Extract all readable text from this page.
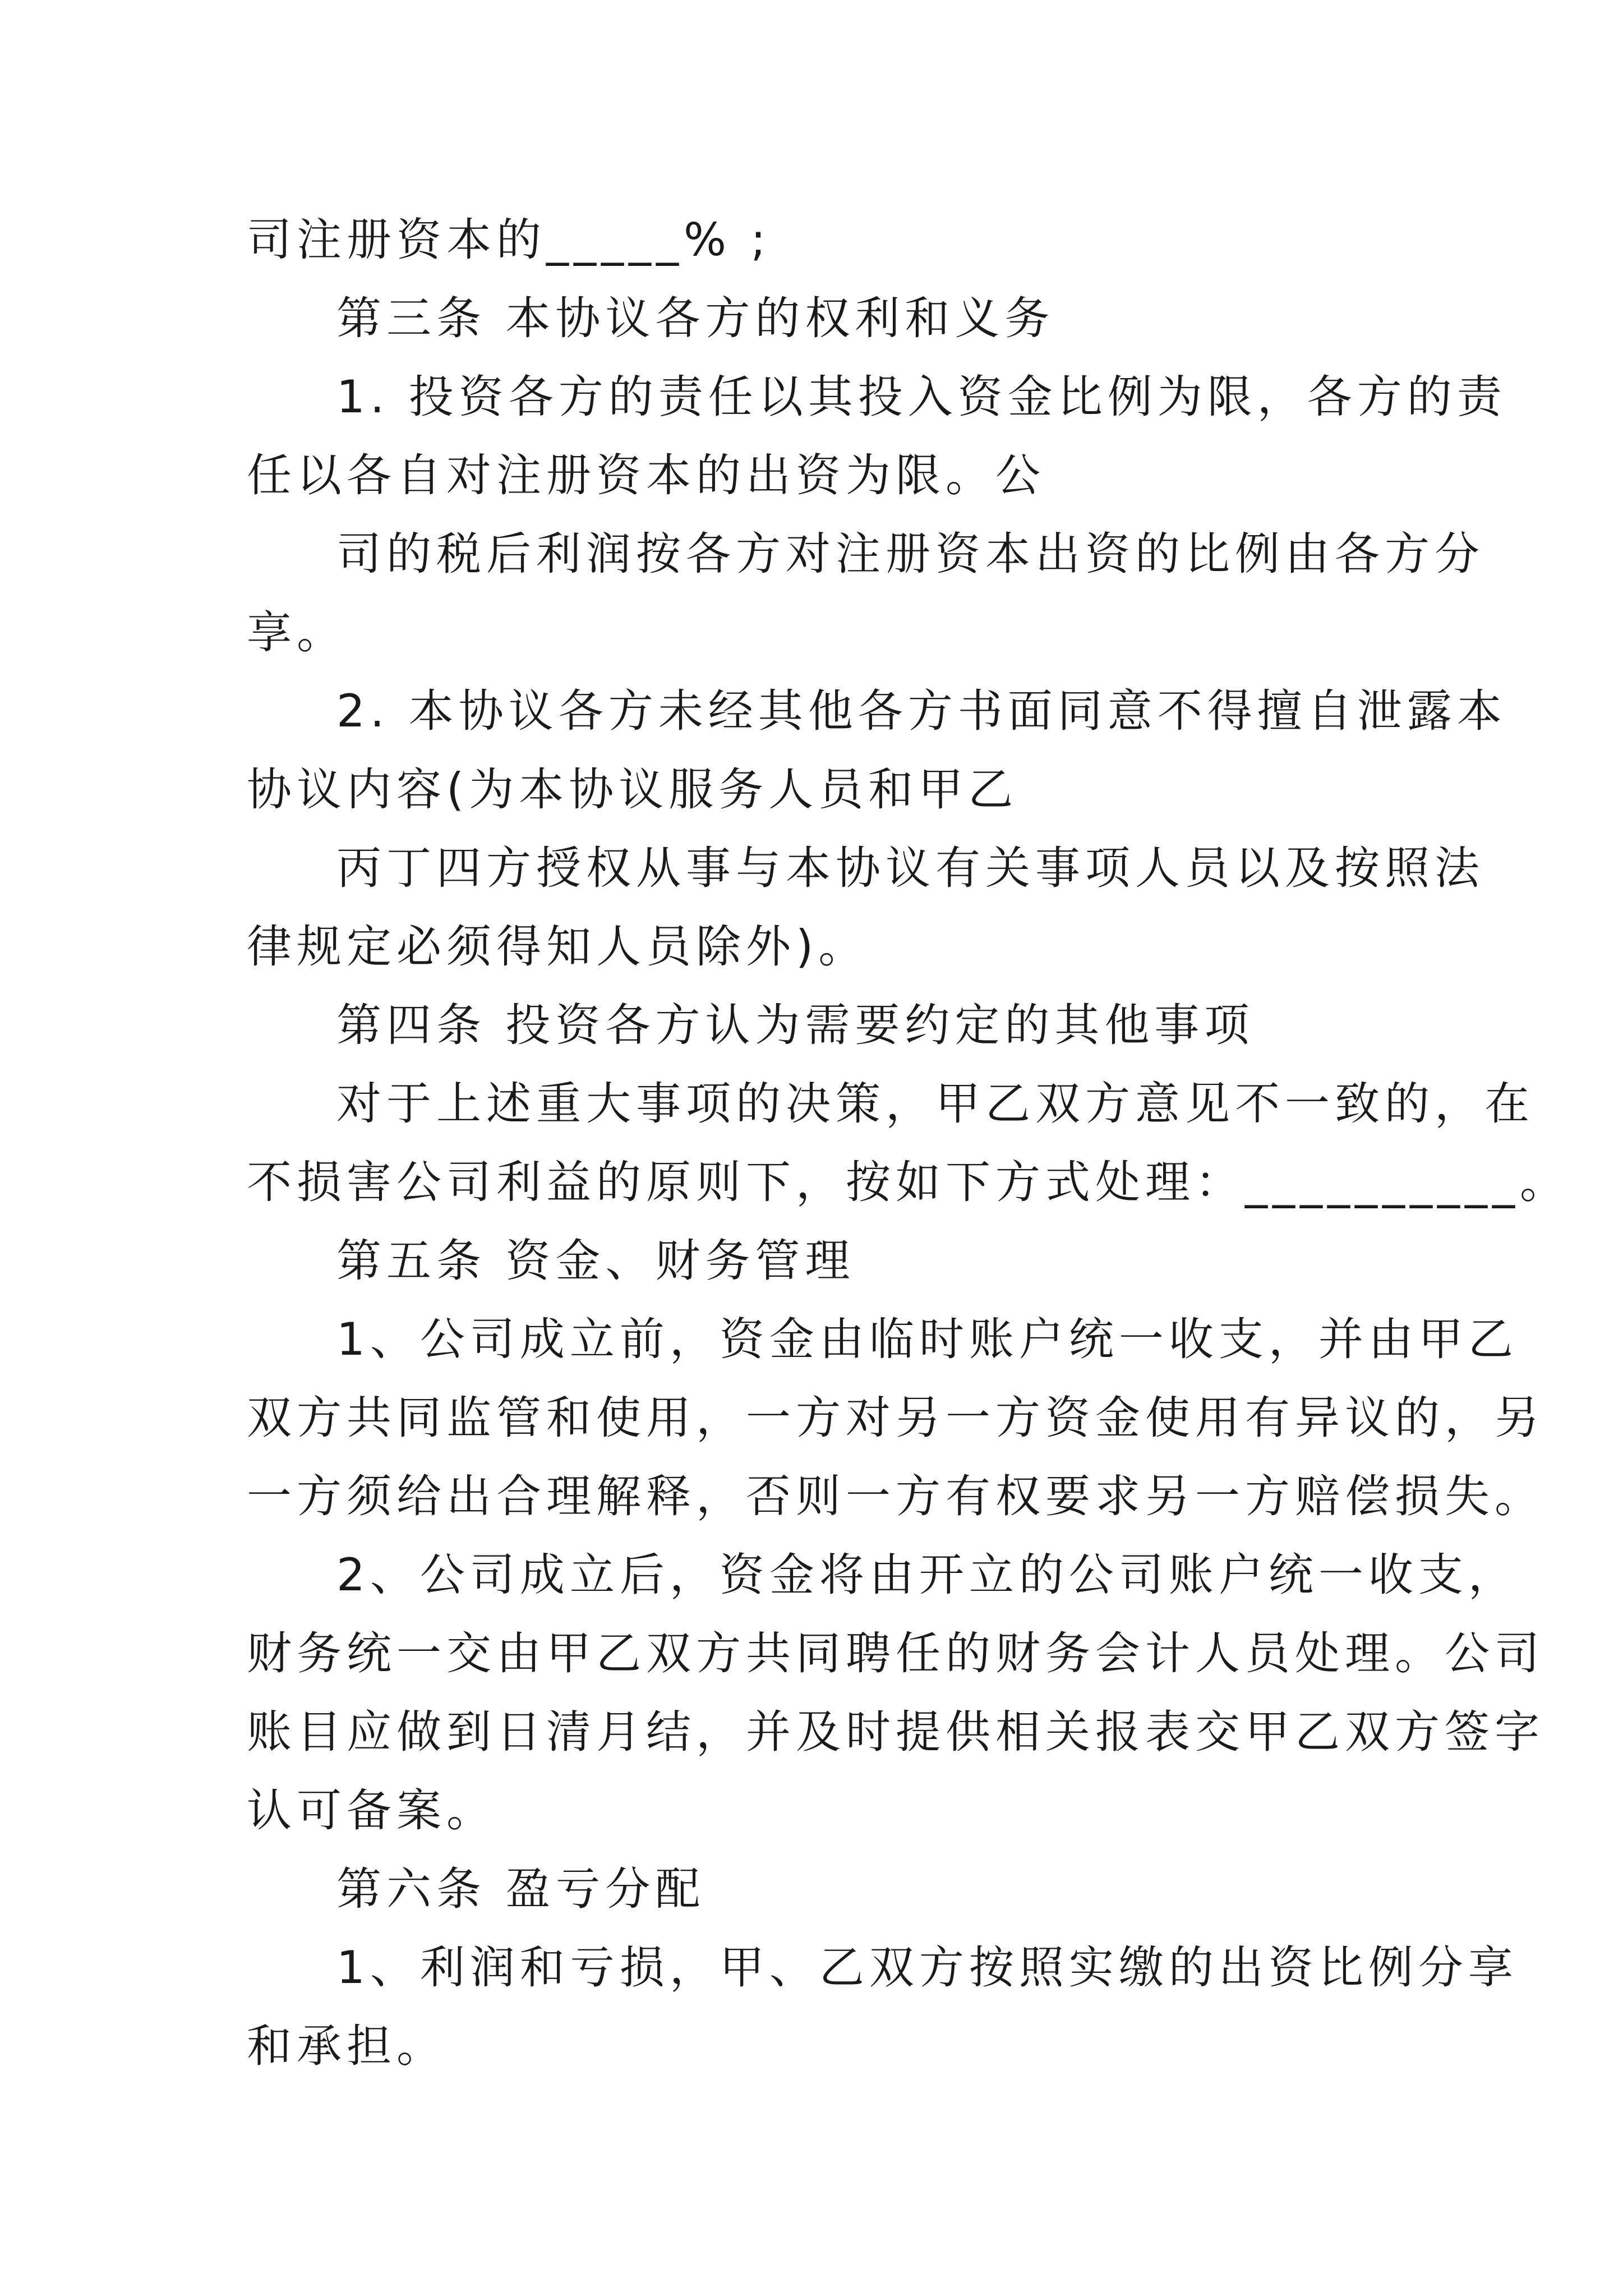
司注册资本的_____% ;
第三条 本协议各方的权利和义务
1. 投资各方的责任以其投入资金比例为限，各方的责
任以各自对注册资本的出资为限。公
司的税后利润按各方对注册资本出资的比例由各方分
享。
2. 本协议各方未经其他各方书面同意不得擅自泄露本
协议内容(为本协议服务人员和甲乙
丙丁四方授权从事与本协议有关事项人员以及按照法
律规定必须得知人员除外)。
第四条 投资各方认为需要约定的其他事项
对于上述重大事项的决策，甲乙双方意见不一致的，在
不损害公司利益的原则下，按如下方式处理：__________。
第五条 资金、财务管理
1、公司成立前，资金由临时账户统一收支，并由甲乙
双方共同监管和使用，一方对另一方资金使用有异议的，另
一方须给出合理解释，否则一方有权要求另一方赔偿损失。
2、公司成立后，资金将由开立的公司账户统一收支，
财务统一交由甲乙双方共同聘任的财务会计人员处理。公司
账目应做到日清月结，并及时提供相关报表交甲乙双方签字
认可备案。
第六条 盈亏分配
1、利润和亏损，甲、乙双方按照实缴的出资比例分享
和承担。
